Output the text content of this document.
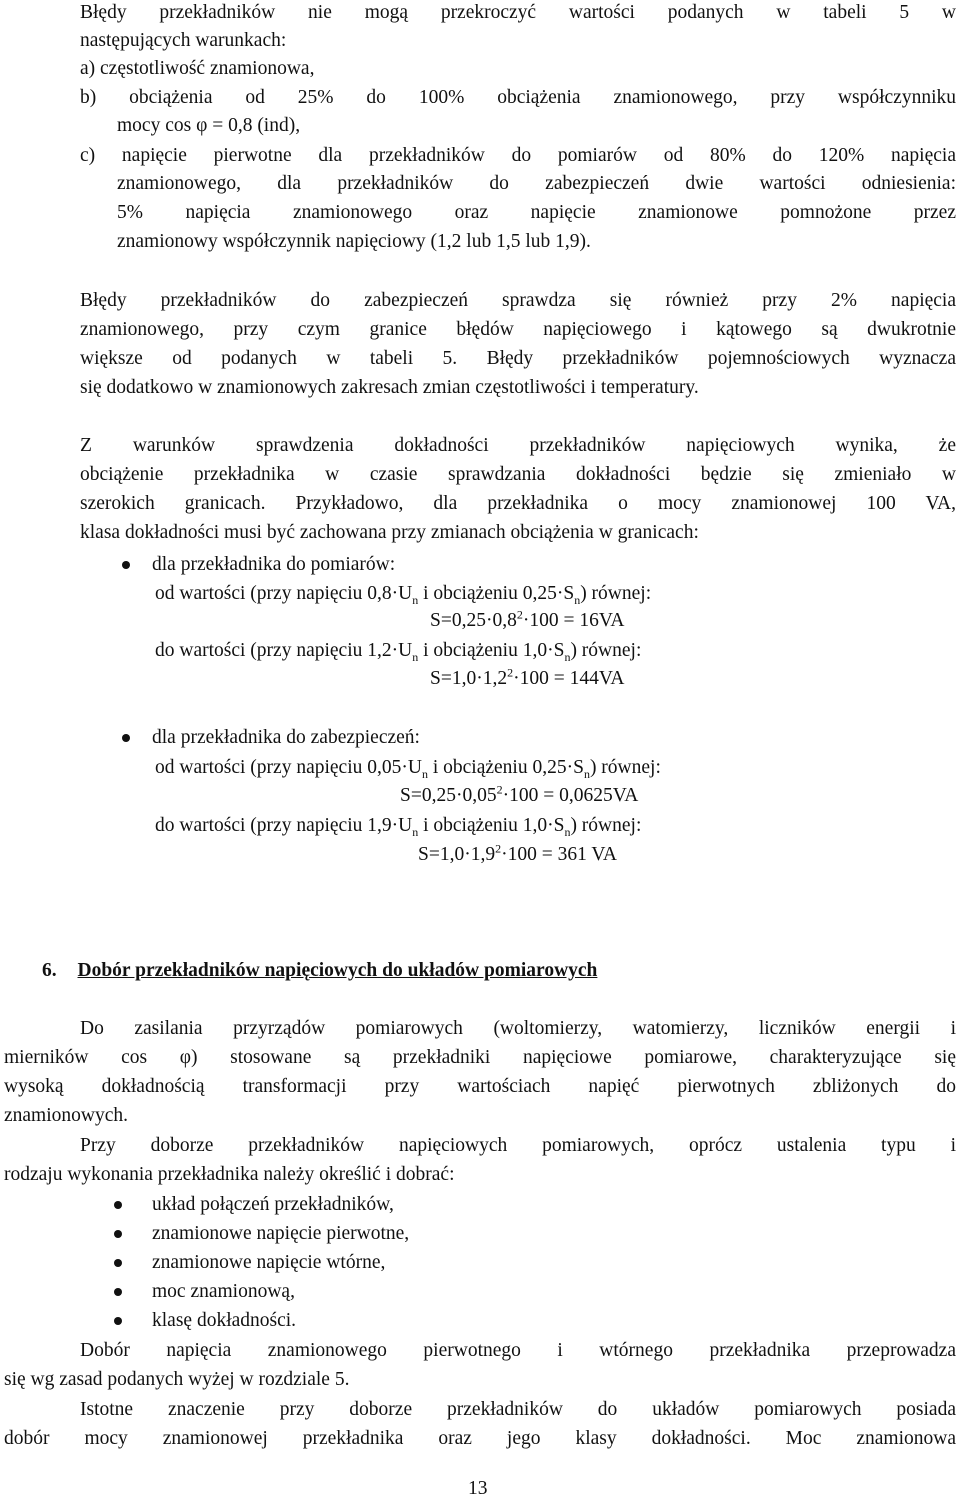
Błędy przekładników nie mogą przekroczyć wartości podanych w tabeli 5 w
następujących warunkach:
a) częstotliwość znamionowa,
b) obciążenia od 25% do 100% obciążenia znamionowego, przy współczynniku
mocy cos φ = 0,8 (ind),
c) napięcie pierwotne dla przekładników do pomiarów od 80% do 120% napięcia
znamionowego, dla przekładników do zabezpieczeń dwie wartości odniesienia:
5% napięcia znamionowego oraz napięcie znamionowe pomnożone przez
znamionowy współczynnik napięciowy (1,2 lub 1,5 lub 1,9).
Błędy przekładników do zabezpieczeń sprawdza się również przy 2% napięcia
znamionowego, przy czym granice błędów napięciowego i kątowego są dwukrotnie
większe od podanych w tabeli 5. Błędy przekładników pojemnościowych wyznacza
się dodatkowo w znamionowych zakresach zmian częstotliwości i temperatury.
Z warunków sprawdzenia dokładności przekładników napięciowych wynika, że
obciążenie przekładnika w czasie sprawdzania dokładności będzie się zmieniało w
szerokich granicach. Przykładowo, dla przekładnika o mocy znamionowej 100 VA,
klasa dokładności musi być zachowana przy zmianach obciążenia w granicach:
dla przekładnika do pomiarów:
od wartości (przy napięciu $0,8\cdot U_n$ i obciążeniu $0,25\cdot S_n$) równej:
$S=0,25\cdot 0,8^2\cdot 100 = 16VA$
do wartości (przy napięciu $1,2\cdot U_n$ i obciążeniu $1,0\cdot S_n$) równej:
$S=1,0\cdot 1,2^2\cdot 100 = 144VA$
dla przekładnika do zabezpieczeń:
od wartości (przy napięciu $0,05\cdot U_n$ i obciążeniu $0,25\cdot S_n$) równej:
$S=0,25\cdot 0,05^2\cdot 100 = 0,0625VA$
do wartości (przy napięciu $1,9\cdot U_n$ i obciążeniu $1,0\cdot S_n$) równej:
$S=1,0\cdot 1,9^2\cdot 100 = 361$ VA
6. Dobór przekładników napięciowych do układów pomiarowych
Do zasilania przyrządów pomiarowych (woltomierzy, watomierzy, liczników energii i
mierników cos φ) stosowane są przekładniki napięciowe pomiarowe, charakteryzujące się
wysoką dokładnością transformacji przy wartościach napięć pierwotnych zbliżonych do
znamionowych.
Przy doborze przekładników napięciowych pomiarowych, oprócz ustalenia typu i
rodzaju wykonania przekładnika należy określić i dobrać:
układ połączeń przekładników,
znamionowe napięcie pierwotne,
znamionowe napięcie wtórne,
moc znamionową,
klasę dokładności.
Dobór napięcia znamionowego pierwotnego i wtórnego przekładnika przeprowadza
się wg zasad podanych wyżej w rozdziale 5.
Istotne znaczenie przy doborze przekładników do układów pomiarowych posiada
dobór mocy znamionowej przekładnika oraz jego klasy dokładności. Moc znamionowa
13
